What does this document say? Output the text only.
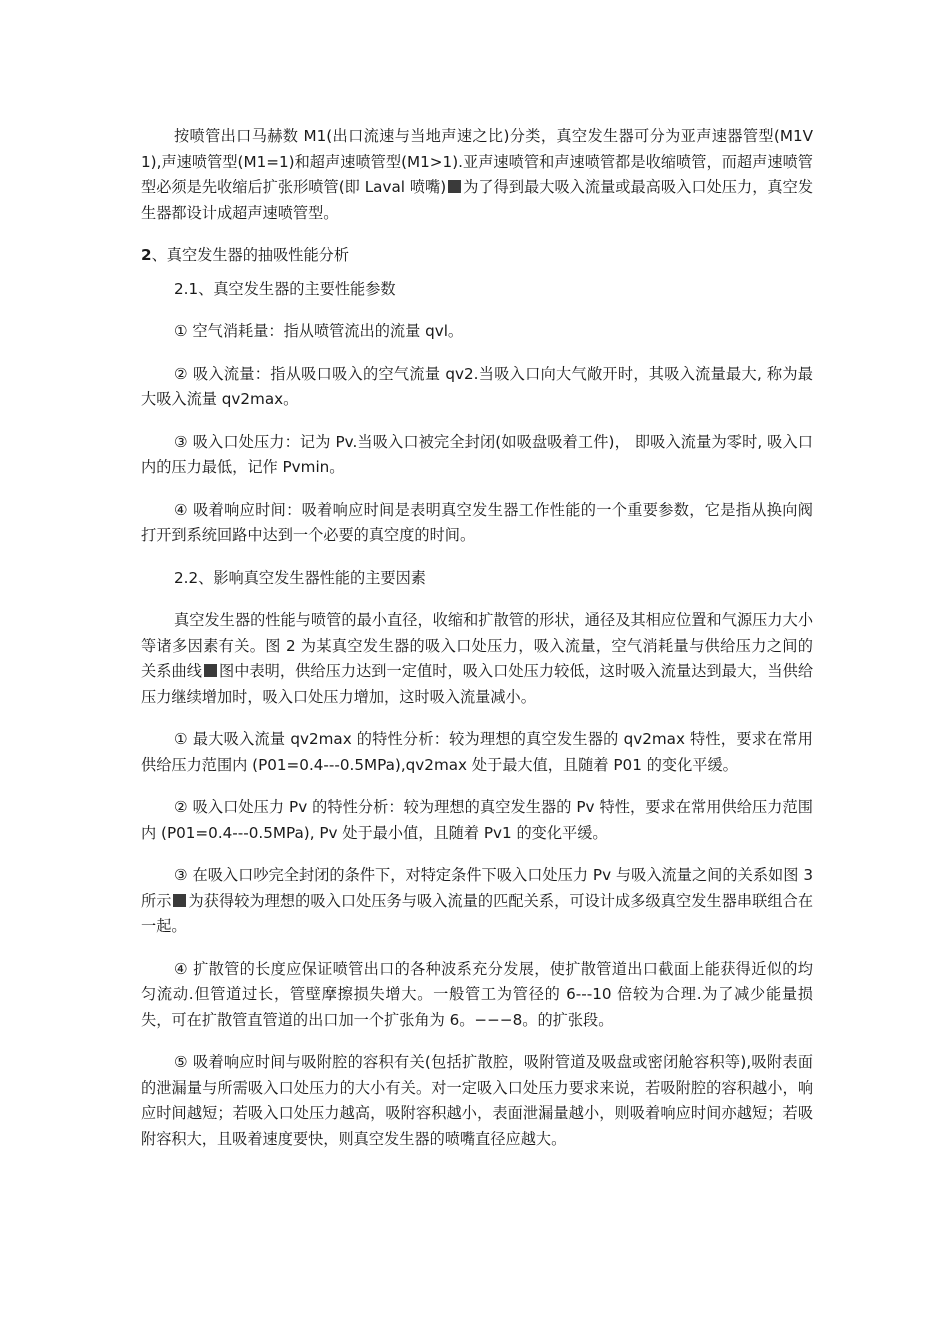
按喷管出口马赫数 M1(出口流速与当地声速之比)分类，真空发生器可分为亚声速器管型(M1V1),声速喷管型(M1=1)和超声速喷管型(M1>1).亚声速喷管和声速喷管都是收缩喷管，而超声速喷管型必须是先收缩后扩张形喷管(即 Laval 喷嘴) 为了得到最大吸入流量或最高吸入口处压力，真空发生器都设计成超声速喷管型。

2、真空发生器的抽吸性能分析

2.1、真空发生器的主要性能参数

① 空气消耗量：指从喷管流出的流量 qvl。

② 吸入流量：指从吸口吸入的空气流量 qv2.当吸入口向大气敞开时，其吸入流量最大, 称为最大吸入流量 qv2max。

③ 吸入口处压力：记为 Pv.当吸入口被完全封闭(如吸盘吸着工件)， 即吸入流量为零时, 吸入口内的压力最低，记作 Pvmin。

④ 吸着响应时间：吸着响应时间是表明真空发生器工作性能的一个重要参数，它是指从换向阀打开到系统回路中达到一个必要的真空度的时间。

2.2、影响真空发生器性能的主要因素

真空发生器的性能与喷管的最小直径，收缩和扩散管的形状，通径及其相应位置和气源压力大小等诸多因素有关。图 2 为某真空发生器的吸入口处压力，吸入流量，空气消耗量与供给压力之间的关系曲线 图中表明，供给压力达到一定值时，吸入口处压力较低，这时吸入流量达到最大，当供给压力继续增加时，吸入口处压力增加，这时吸入流量减小。

① 最大吸入流量 qv2max 的特性分析：较为理想的真空发生器的 qv2max 特性，要求在常用供给压力范围内 (P01=0.4---0.5MPa),qv2max 处于最大值，且随着 P01 的变化平缓。

② 吸入口处压力 Pv 的特性分析：较为理想的真空发生器的 Pv 特性，要求在常用供给压力范围内 (P01=0.4---0.5MPa), Pv 处于最小值，且随着 Pv1 的变化平缓。

③ 在吸入口吵完全封闭的条件下，对特定条件下吸入口处压力 Pv 与吸入流量之间的关系如图 3 所示 为获得较为理想的吸入口处压务与吸入流量的匹配关系，可设计成多级真空发生器串联组合在一起。

④ 扩散管的长度应保证喷管出口的各种波系充分发展，使扩散管道出口截面上能获得近似的均匀流动.但管道过长，管壁摩擦损失增大。一般管工为管径的 6---10 倍较为合理.为了减少能量损失，可在扩散管直管道的出口加一个扩张角为 6。−−−8。的扩张段。

⑤ 吸着响应时间与吸附腔的容积有关(包括扩散腔，吸附管道及吸盘或密闭舱容积等),吸附表面的泄漏量与所需吸入口处压力的大小有关。对一定吸入口处压力要求来说，若吸附腔的容积越小，响应时间越短；若吸入口处压力越高，吸附容积越小，表面泄漏量越小，则吸着响应时间亦越短；若吸附容积大，且吸着速度要快，则真空发生器的喷嘴直径应越大。
